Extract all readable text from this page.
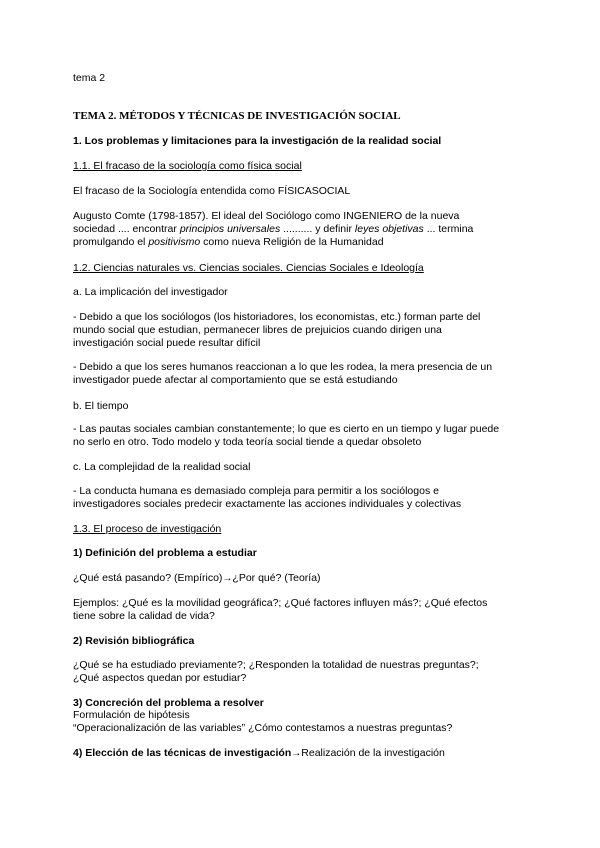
tema 2
TEMA 2. MÉTODOS Y TÉCNICAS DE INVESTIGACIÓN SOCIAL
1. Los problemas y limitaciones para la investigación de la realidad social
1.1. El fracaso de la sociología como física social
El fracaso de la Sociología entendida como FÍSICASOCIAL
Augusto Comte (1798-1857). El ideal del Sociólogo como INGENIERO de la nueva
sociedad .... encontrar principios universales .......... y definir leyes objetivas ... termina
promulgando el positivismo como nueva Religión de la Humanidad
1.2. Ciencias naturales vs. Ciencias sociales. Ciencias Sociales e Ideología
a. La implicación del investigador
- Debido a que los sociólogos (los historiadores, los economistas, etc.) forman parte del
mundo social que estudian, permanecer libres de prejuicios cuando dirigen una
investigación social puede resultar difícil
- Debido a que los seres humanos reaccionan a lo que les rodea, la mera presencia de un
investigador puede afectar al comportamiento que se está estudiando
b. El tiempo
- Las pautas sociales cambian constantemente; lo que es cierto en un tiempo y lugar puede
no serlo en otro. Todo modelo y toda teoría social tiende a quedar obsoleto
c. La complejidad de la realidad social
- La conducta humana es demasiado compleja para permitir a los sociólogos e
investigadores sociales predecir exactamente las acciones individuales y colectivas
1.3. El proceso de investigación
1) Definición del problema a estudiar
¿Qué está pasando? (Empírico)→¿Por qué? (Teoría)
Ejemplos: ¿Qué es la movilidad geográfica?; ¿Qué factores influyen más?; ¿Qué efectos
tiene sobre la calidad de vida?
2) Revisión bibliográfica
¿Qué se ha estudiado previamente?; ¿Responden la totalidad de nuestras preguntas?;
¿Qué aspectos quedan por estudiar?
3) Concreción del problema a resolver
Formulación de hipótesis
“Operacionalización de las variables” ¿Cómo contestamos a nuestras preguntas?
4) Elección de las técnicas de investigación→Realización de la investigación
